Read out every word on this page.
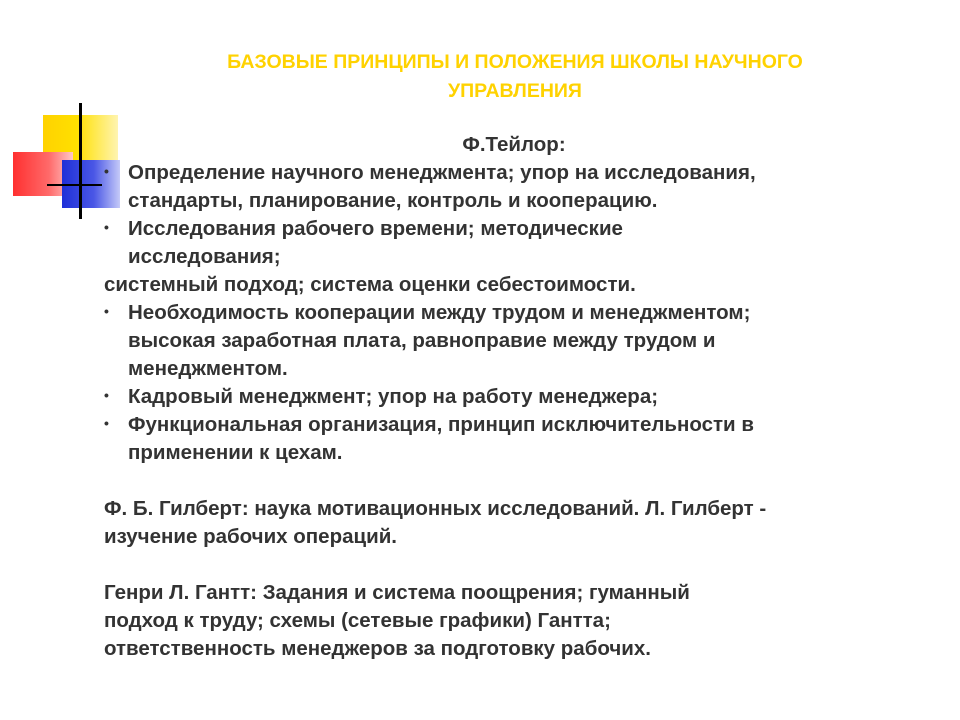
БАЗОВЫЕ ПРИНЦИПЫ И ПОЛОЖЕНИЯ ШКОЛЫ НАУЧНОГО
УПРАВЛЕНИЯ

Ф.Тейлор:

• Определение научного менеджмента; упор на исследования,
стандарты, планирование, контроль и кооперацию.
• Исследования рабочего времени; методические
исследования;

системный подход; система оценки себестоимости.

• Необходимость кооперации между трудом и менеджментом;
высокая заработная плата, равноправие между трудом и
менеджментом.
• Кадровый менеджмент; упор на работу менеджера;
• Функциональная организация, принцип исключительности в
применении к цехам.

Ф. Б. Гилберт: наука мотивационных исследований. Л. Гилберт -

изучение рабочих операций.

Генри Л. Гантт: Задания и система поощрения; гуманный

подход к труду; схемы (сетевые графики) Гантта;

ответственность менеджеров за подготовку рабочих.
